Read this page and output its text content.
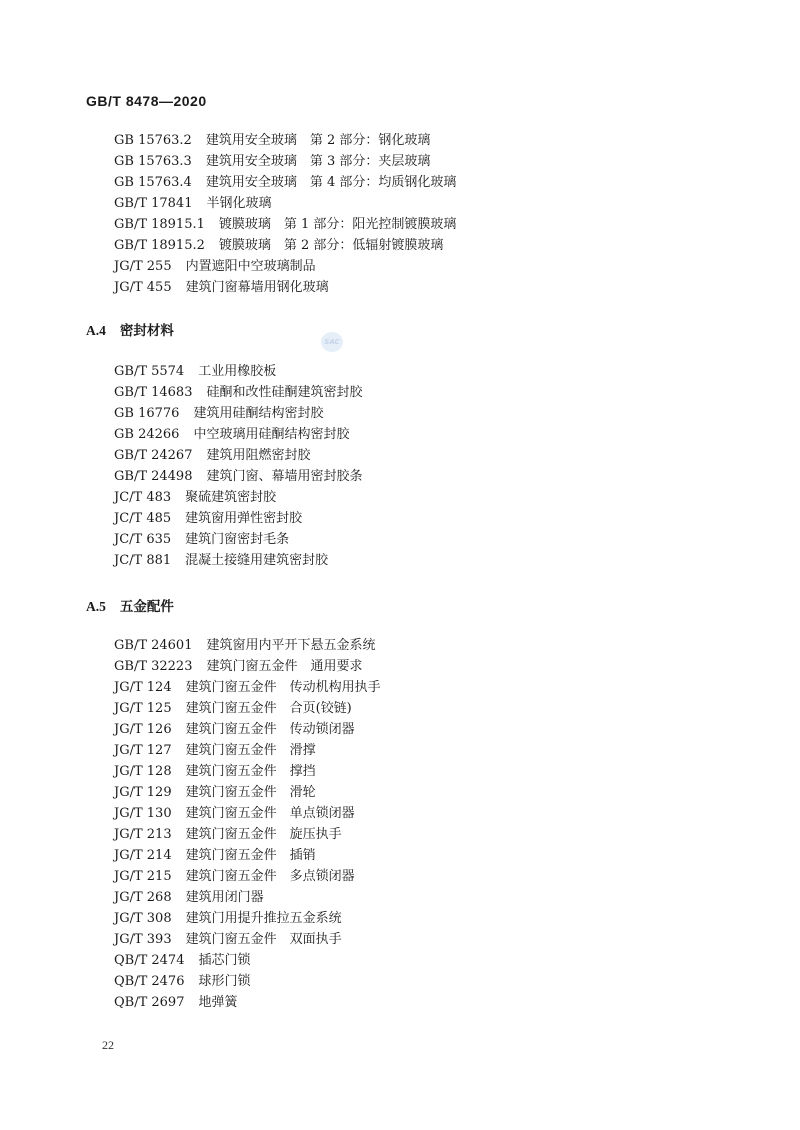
GB/T 8478—2020
GB 15763.2 建筑用安全玻璃　第 2 部分：钢化玻璃
GB 15763.3 建筑用安全玻璃　第 3 部分：夹层玻璃
GB 15763.4 建筑用安全玻璃　第 4 部分：均质钢化玻璃
GB/T 17841 半钢化玻璃
GB/T 18915.1 镀膜玻璃　第 1 部分：阳光控制镀膜玻璃
GB/T 18915.2 镀膜玻璃　第 2 部分：低辐射镀膜玻璃
JG/T 255 内置遮阳中空玻璃制品
JG/T 455 建筑门窗幕墙用钢化玻璃
A.4 密封材料
SAC
GB/T 5574 工业用橡胶板
GB/T 14683 硅酮和改性硅酮建筑密封胶
GB 16776 建筑用硅酮结构密封胶
GB 24266 中空玻璃用硅酮结构密封胶
GB/T 24267 建筑用阻燃密封胶
GB/T 24498 建筑门窗、幕墙用密封胶条
JC/T 483 聚硫建筑密封胶
JC/T 485 建筑窗用弹性密封胶
JC/T 635 建筑门窗密封毛条
JC/T 881 混凝土接缝用建筑密封胶
A.5 五金配件
GB/T 24601 建筑窗用内平开下悬五金系统
GB/T 32223 建筑门窗五金件　通用要求
JG/T 124 建筑门窗五金件　传动机构用执手
JG/T 125 建筑门窗五金件　合页(铰链)
JG/T 126 建筑门窗五金件　传动锁闭器
JG/T 127 建筑门窗五金件　滑撑
JG/T 128 建筑门窗五金件　撑挡
JG/T 129 建筑门窗五金件　滑轮
JG/T 130 建筑门窗五金件　单点锁闭器
JG/T 213 建筑门窗五金件　旋压执手
JG/T 214 建筑门窗五金件　插销
JG/T 215 建筑门窗五金件　多点锁闭器
JG/T 268 建筑用闭门器
JG/T 308 建筑门用提升推拉五金系统
JG/T 393 建筑门窗五金件　双面执手
QB/T 2474 插芯门锁
QB/T 2476 球形门锁
QB/T 2697 地弹簧
22
